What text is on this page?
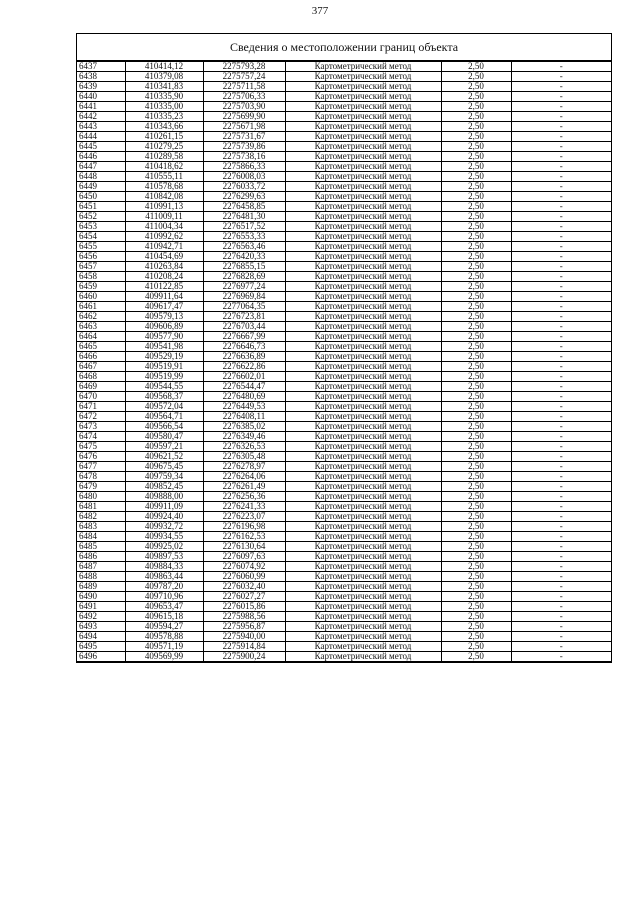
377
Сведения о местоположении границ объекта
6437	410414,12	2275793,28	Картометрический метод	2,50	-
6438	410379,08	2275757,24	Картометрический метод	2,50	-
6439	410341,83	2275711,58	Картометрический метод	2,50	-
6440	410335,90	2275706,33	Картометрический метод	2,50	-
6441	410335,00	2275703,90	Картометрический метод	2,50	-
6442	410335,23	2275699,90	Картометрический метод	2,50	-
6443	410343,66	2275671,98	Картометрический метод	2,50	-
6444	410261,15	2275731,67	Картометрический метод	2,50	-
6445	410279,25	2275739,86	Картометрический метод	2,50	-
6446	410289,58	2275738,16	Картометрический метод	2,50	-
6447	410418,62	2275866,33	Картометрический метод	2,50	-
6448	410555,11	2276008,03	Картометрический метод	2,50	-
6449	410578,68	2276033,72	Картометрический метод	2,50	-
6450	410842,08	2276299,63	Картометрический метод	2,50	-
6451	410991,13	2276458,85	Картометрический метод	2,50	-
6452	411009,11	2276481,30	Картометрический метод	2,50	-
6453	411004,34	2276517,52	Картометрический метод	2,50	-
6454	410992,62	2276553,33	Картометрический метод	2,50	-
6455	410942,71	2276563,46	Картометрический метод	2,50	-
6456	410454,69	2276420,33	Картометрический метод	2,50	-
6457	410263,84	2276855,15	Картометрический метод	2,50	-
6458	410208,24	2276828,69	Картометрический метод	2,50	-
6459	410122,85	2276977,24	Картометрический метод	2,50	-
6460	409911,64	2276969,84	Картометрический метод	2,50	-
6461	409617,47	2277064,35	Картометрический метод	2,50	-
6462	409579,13	2276723,81	Картометрический метод	2,50	-
6463	409606,89	2276703,44	Картометрический метод	2,50	-
6464	409577,90	2276667,99	Картометрический метод	2,50	-
6465	409541,98	2276646,73	Картометрический метод	2,50	-
6466	409529,19	2276636,89	Картометрический метод	2,50	-
6467	409519,91	2276622,86	Картометрический метод	2,50	-
6468	409519,99	2276602,01	Картометрический метод	2,50	-
6469	409544,55	2276544,47	Картометрический метод	2,50	-
6470	409568,37	2276480,69	Картометрический метод	2,50	-
6471	409572,04	2276449,53	Картометрический метод	2,50	-
6472	409564,71	2276408,11	Картометрический метод	2,50	-
6473	409566,54	2276385,02	Картометрический метод	2,50	-
6474	409580,47	2276349,46	Картометрический метод	2,50	-
6475	409597,21	2276326,53	Картометрический метод	2,50	-
6476	409621,52	2276305,48	Картометрический метод	2,50	-
6477	409675,45	2276278,97	Картометрический метод	2,50	-
6478	409759,34	2276264,06	Картометрический метод	2,50	-
6479	409852,45	2276261,49	Картометрический метод	2,50	-
6480	409888,00	2276256,36	Картометрический метод	2,50	-
6481	409911,09	2276241,33	Картометрический метод	2,50	-
6482	409924,40	2276223,07	Картометрический метод	2,50	-
6483	409932,72	2276196,98	Картометрический метод	2,50	-
6484	409934,55	2276162,53	Картометрический метод	2,50	-
6485	409925,02	2276130,64	Картометрический метод	2,50	-
6486	409897,53	2276097,63	Картометрический метод	2,50	-
6487	409884,33	2276074,92	Картометрический метод	2,50	-
6488	409863,44	2276060,99	Картометрический метод	2,50	-
6489	409787,20	2276032,40	Картометрический метод	2,50	-
6490	409710,96	2276027,27	Картометрический метод	2,50	-
6491	409653,47	2276015,86	Картометрический метод	2,50	-
6492	409615,18	2275988,56	Картометрический метод	2,50	-
6493	409594,27	2275956,87	Картометрический метод	2,50	-
6494	409578,88	2275940,00	Картометрический метод	2,50	-
6495	409571,19	2275914,84	Картометрический метод	2,50	-
6496	409569,99	2275900,24	Картометрический метод	2,50	-
